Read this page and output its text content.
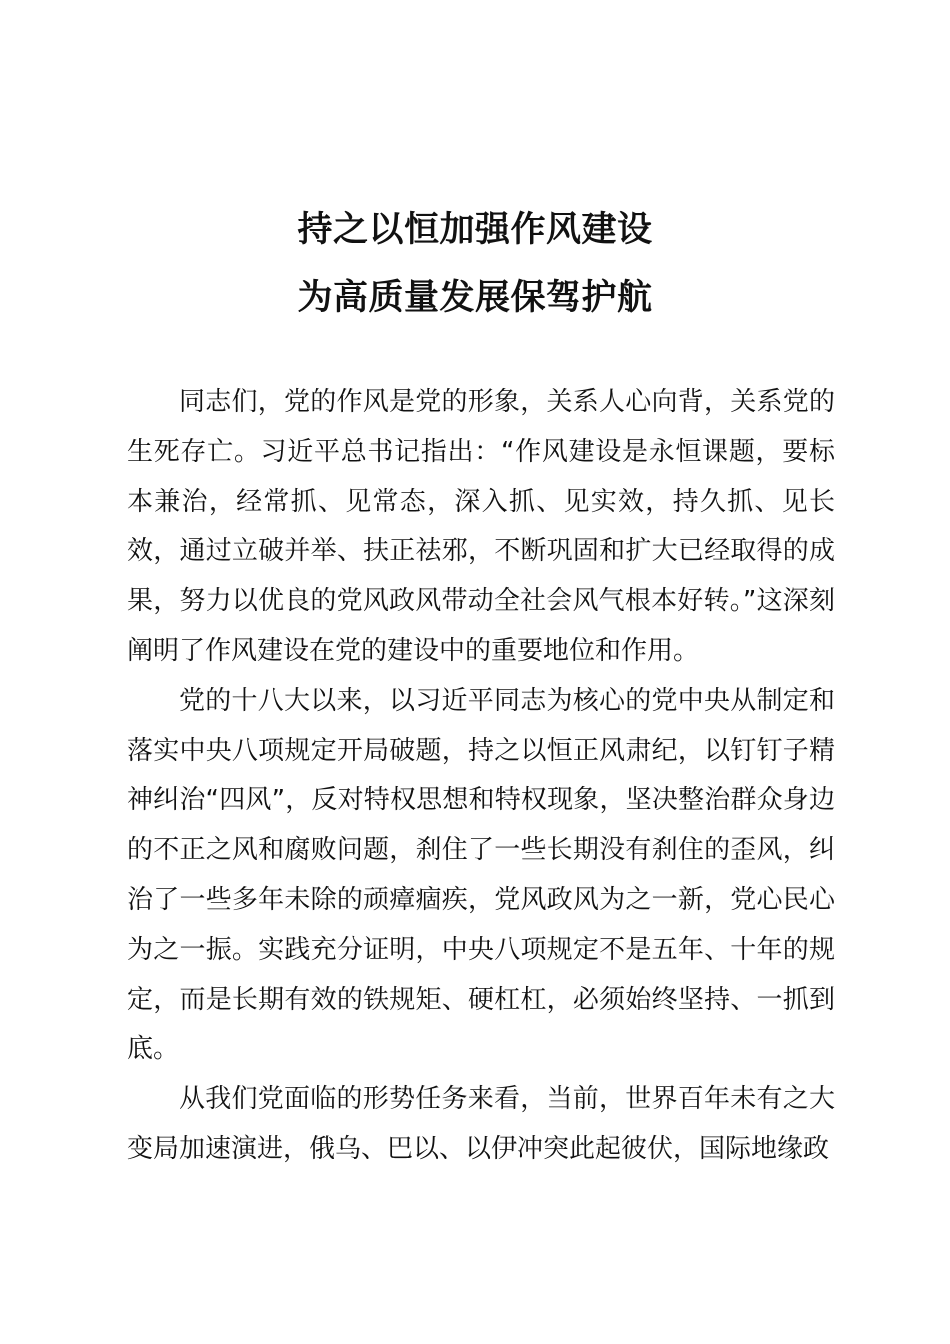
持之以恒加强作风建设
为高质量发展保驾护航

同志们，党的作风是党的形象，关系人心向背，关系党的生死存亡。习近平总书记指出：“作风建设是永恒课题，要标本兼治，经常抓、见常态，深入抓、见实效，持久抓、见长效，通过立破并举、扶正祛邪，不断巩固和扩大已经取得的成果，努力以优良的党风政风带动全社会风气根本好转。”这深刻阐明了作风建设在党的建设中的重要地位和作用。

党的十八大以来，以习近平同志为核心的党中央从制定和落实中央八项规定开局破题，持之以恒正风肃纪，以钉钉子精神纠治“四风”，反对特权思想和特权现象，坚决整治群众身边的不正之风和腐败问题，刹住了一些长期没有刹住的歪风，纠治了一些多年未除的顽瘴痼疾，党风政风为之一新，党心民心为之一振。实践充分证明，中央八项规定不是五年、十年的规定，而是长期有效的铁规矩、硬杠杠，必须始终坚持、一抓到底。

从我们党面临的形势任务来看，当前，世界百年未有之大变局加速演进，俄乌、巴以、以伊冲突此起彼伏，国际地缘政
